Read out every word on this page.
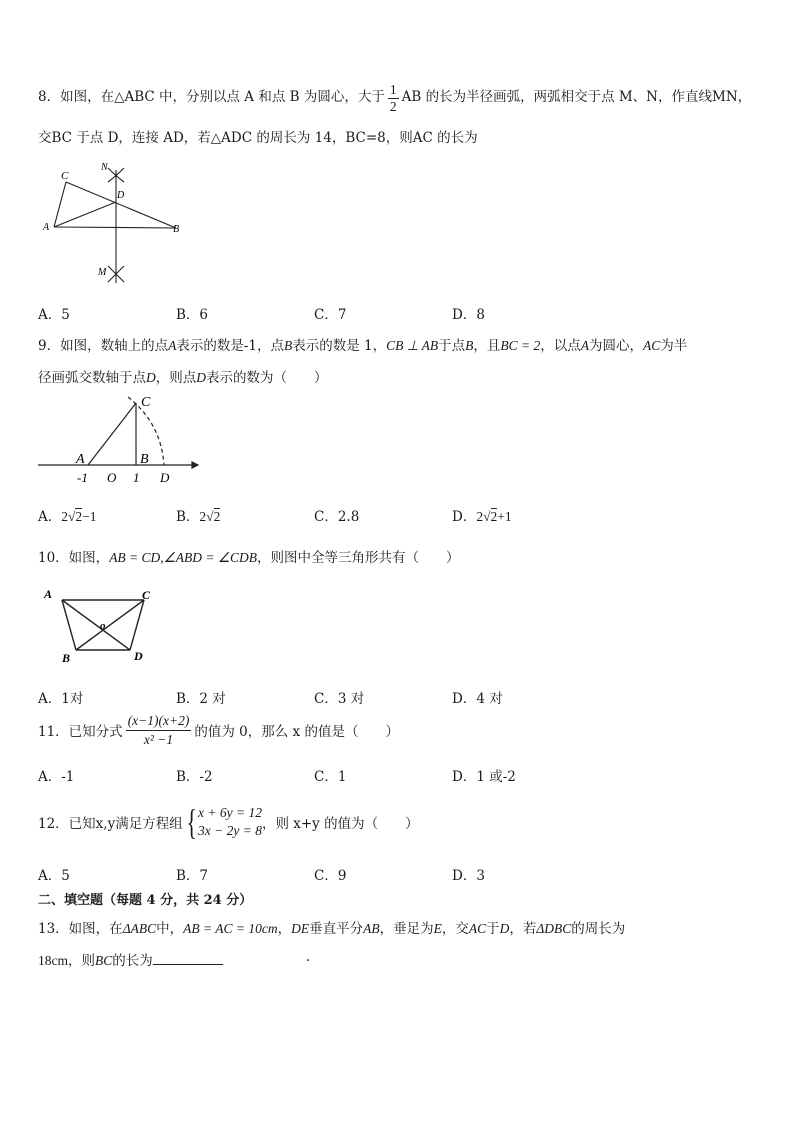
8．如图，在△ABC 中，分别以点 A 和点 B 为圆心，大于 $\frac{1}{2}$ AB 的长为半径画弧，两弧相交于点 M、N，作直线MN，
交BC 于点 D，连接 AD，若△ADC 的周长为 14，BC=8，则AC 的长为
C
N
D
A	B
M
A．5	B．6	C．7	D．8
9．如图，数轴上的点A表示的数是-1，点B表示的数是 1，CB ⊥ AB于点B，且BC = 2，以点A为圆心，AC为半
径画弧交数轴于点D，则点D表示的数为（　　）
C
A	B
-1 O 1 D
A．2√2−1	B．2√2	C．2.8	D．2√2+1
10．如图，AB = CD,∠ABD = ∠CDB，则图中全等三角形共有（　　）
A	C
o
B	D
A．1对	B．2 对	C．3 对	D．4 对
11．已知分式 $\frac{(x-1)(x+2)}{\text{x² −1}}$ 的值为 0，那么 x 的值是（　　）
A．-1	B．-2	C．1	D．1 或-2
12．已知x,y满足方程组 { x + 6y = 12
3x − 2y = 8 ，则 x+y 的值为（　　）
A．5	B．7	C．9	D．3
二、填空题（每题 4 分，共 24 分）
13．如图，在ΔABC中，AB = AC = 10cm，DE垂直平分AB，垂足为E，交AC于D，若ΔDBC的周长为
18cm，则BC的长为	.
